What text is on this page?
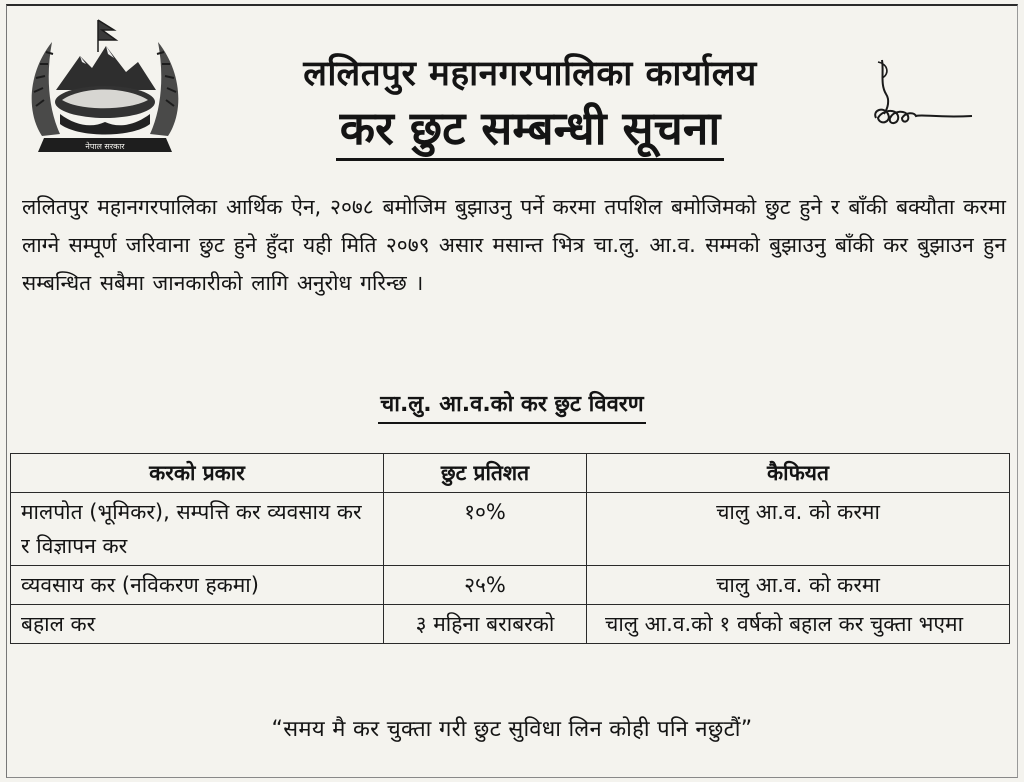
नेपाल सरकार
ललितपुर महानगरपालिका कार्यालय
कर छुट सम्बन्धी सूचना
ललितपुर महानगरपालिका आर्थिक ऐन, २०७८ बमोजिम बुझाउनु पर्ने करमा तपशिल बमोजिमको छुट हुने र बाँकी बक्यौता करमा लाग्ने सम्पूर्ण जरिवाना छुट हुने हुँदा यही मिति २०७९ असार मसान्त भित्र चा.लु. आ.व. सम्मको बुझाउनु बाँकी कर बुझाउन हुन सम्बन्धित सबैमा जानकारीको लागि अनुरोध गरिन्छ ।
चा.लु. आ.व.को कर छुट विवरण
करको प्रकार	छुट प्रतिशत	कैफियत
मालपोत (भूमिकर), सम्पत्ति कर व्यवसाय कर र विज्ञापन कर	१०%	चालु आ.व. को करमा
व्यवसाय कर (नविकरण हकमा)	२५%	चालु आ.व. को करमा
बहाल कर	३ महिना बराबरको	चालु आ.व.को १ वर्षको बहाल कर चुक्ता भएमा
“समय मै कर चुक्ता गरी छुट सुविधा लिन कोही पनि नछुटौं”
